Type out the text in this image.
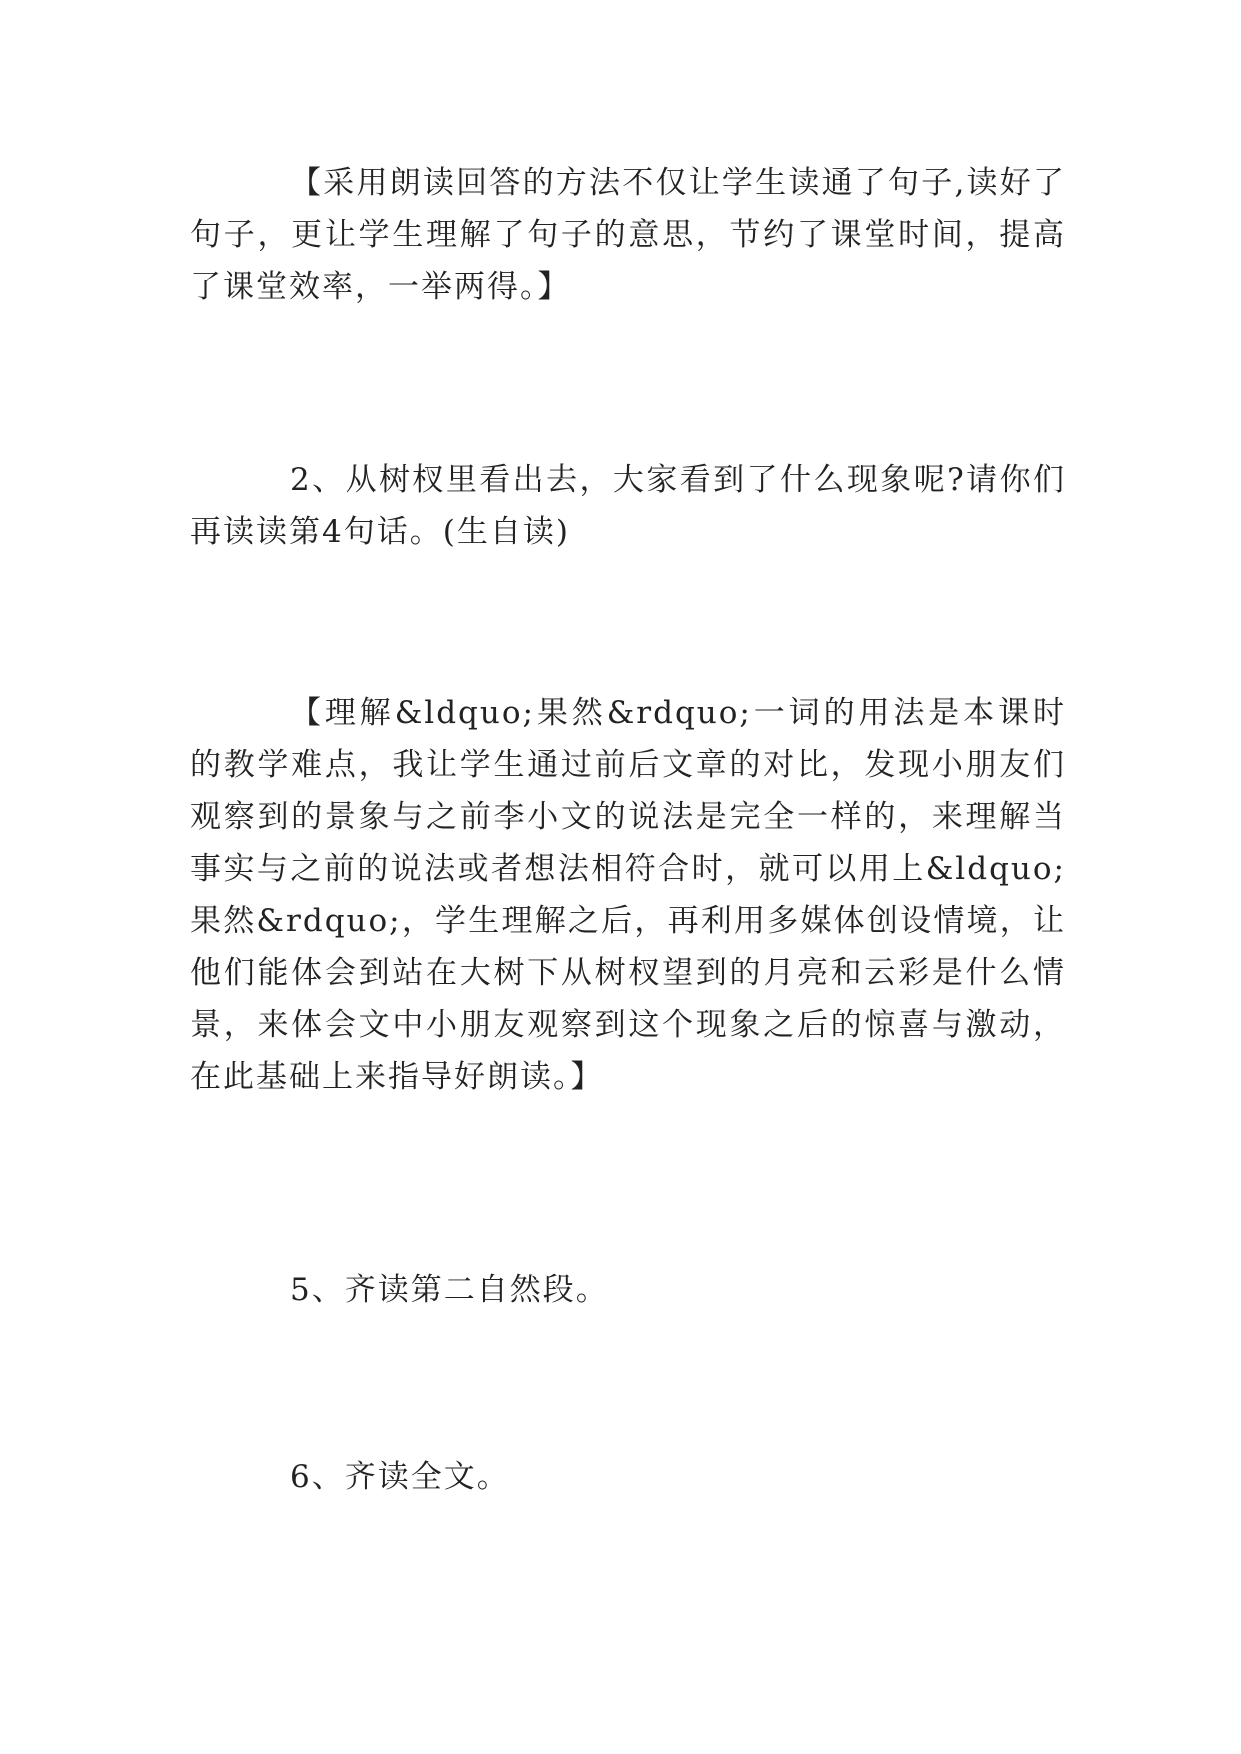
【采用朗读回答的方法不仅让学生读通了句子,读好了句子，更让学生理解了句子的意思，节约了课堂时间，提高了课堂效率，一举两得。】

2、从树杈里看出去，大家看到了什么现象呢?请你们再读读第4句话。(生自读)

【理解&ldquo;果然&rdquo;一词的用法是本课时的教学难点，我让学生通过前后文章的对比，发现小朋友们观察到的景象与之前李小文的说法是完全一样的，来理解当事实与之前的说法或者想法相符合时，就可以用上&ldquo;果然&rdquo;，学生理解之后，再利用多媒体创设情境，让他们能体会到站在大树下从树杈望到的月亮和云彩是什么情景，来体会文中小朋友观察到这个现象之后的惊喜与激动，在此基础上来指导好朗读。】

5、齐读第二自然段。

6、齐读全文。
